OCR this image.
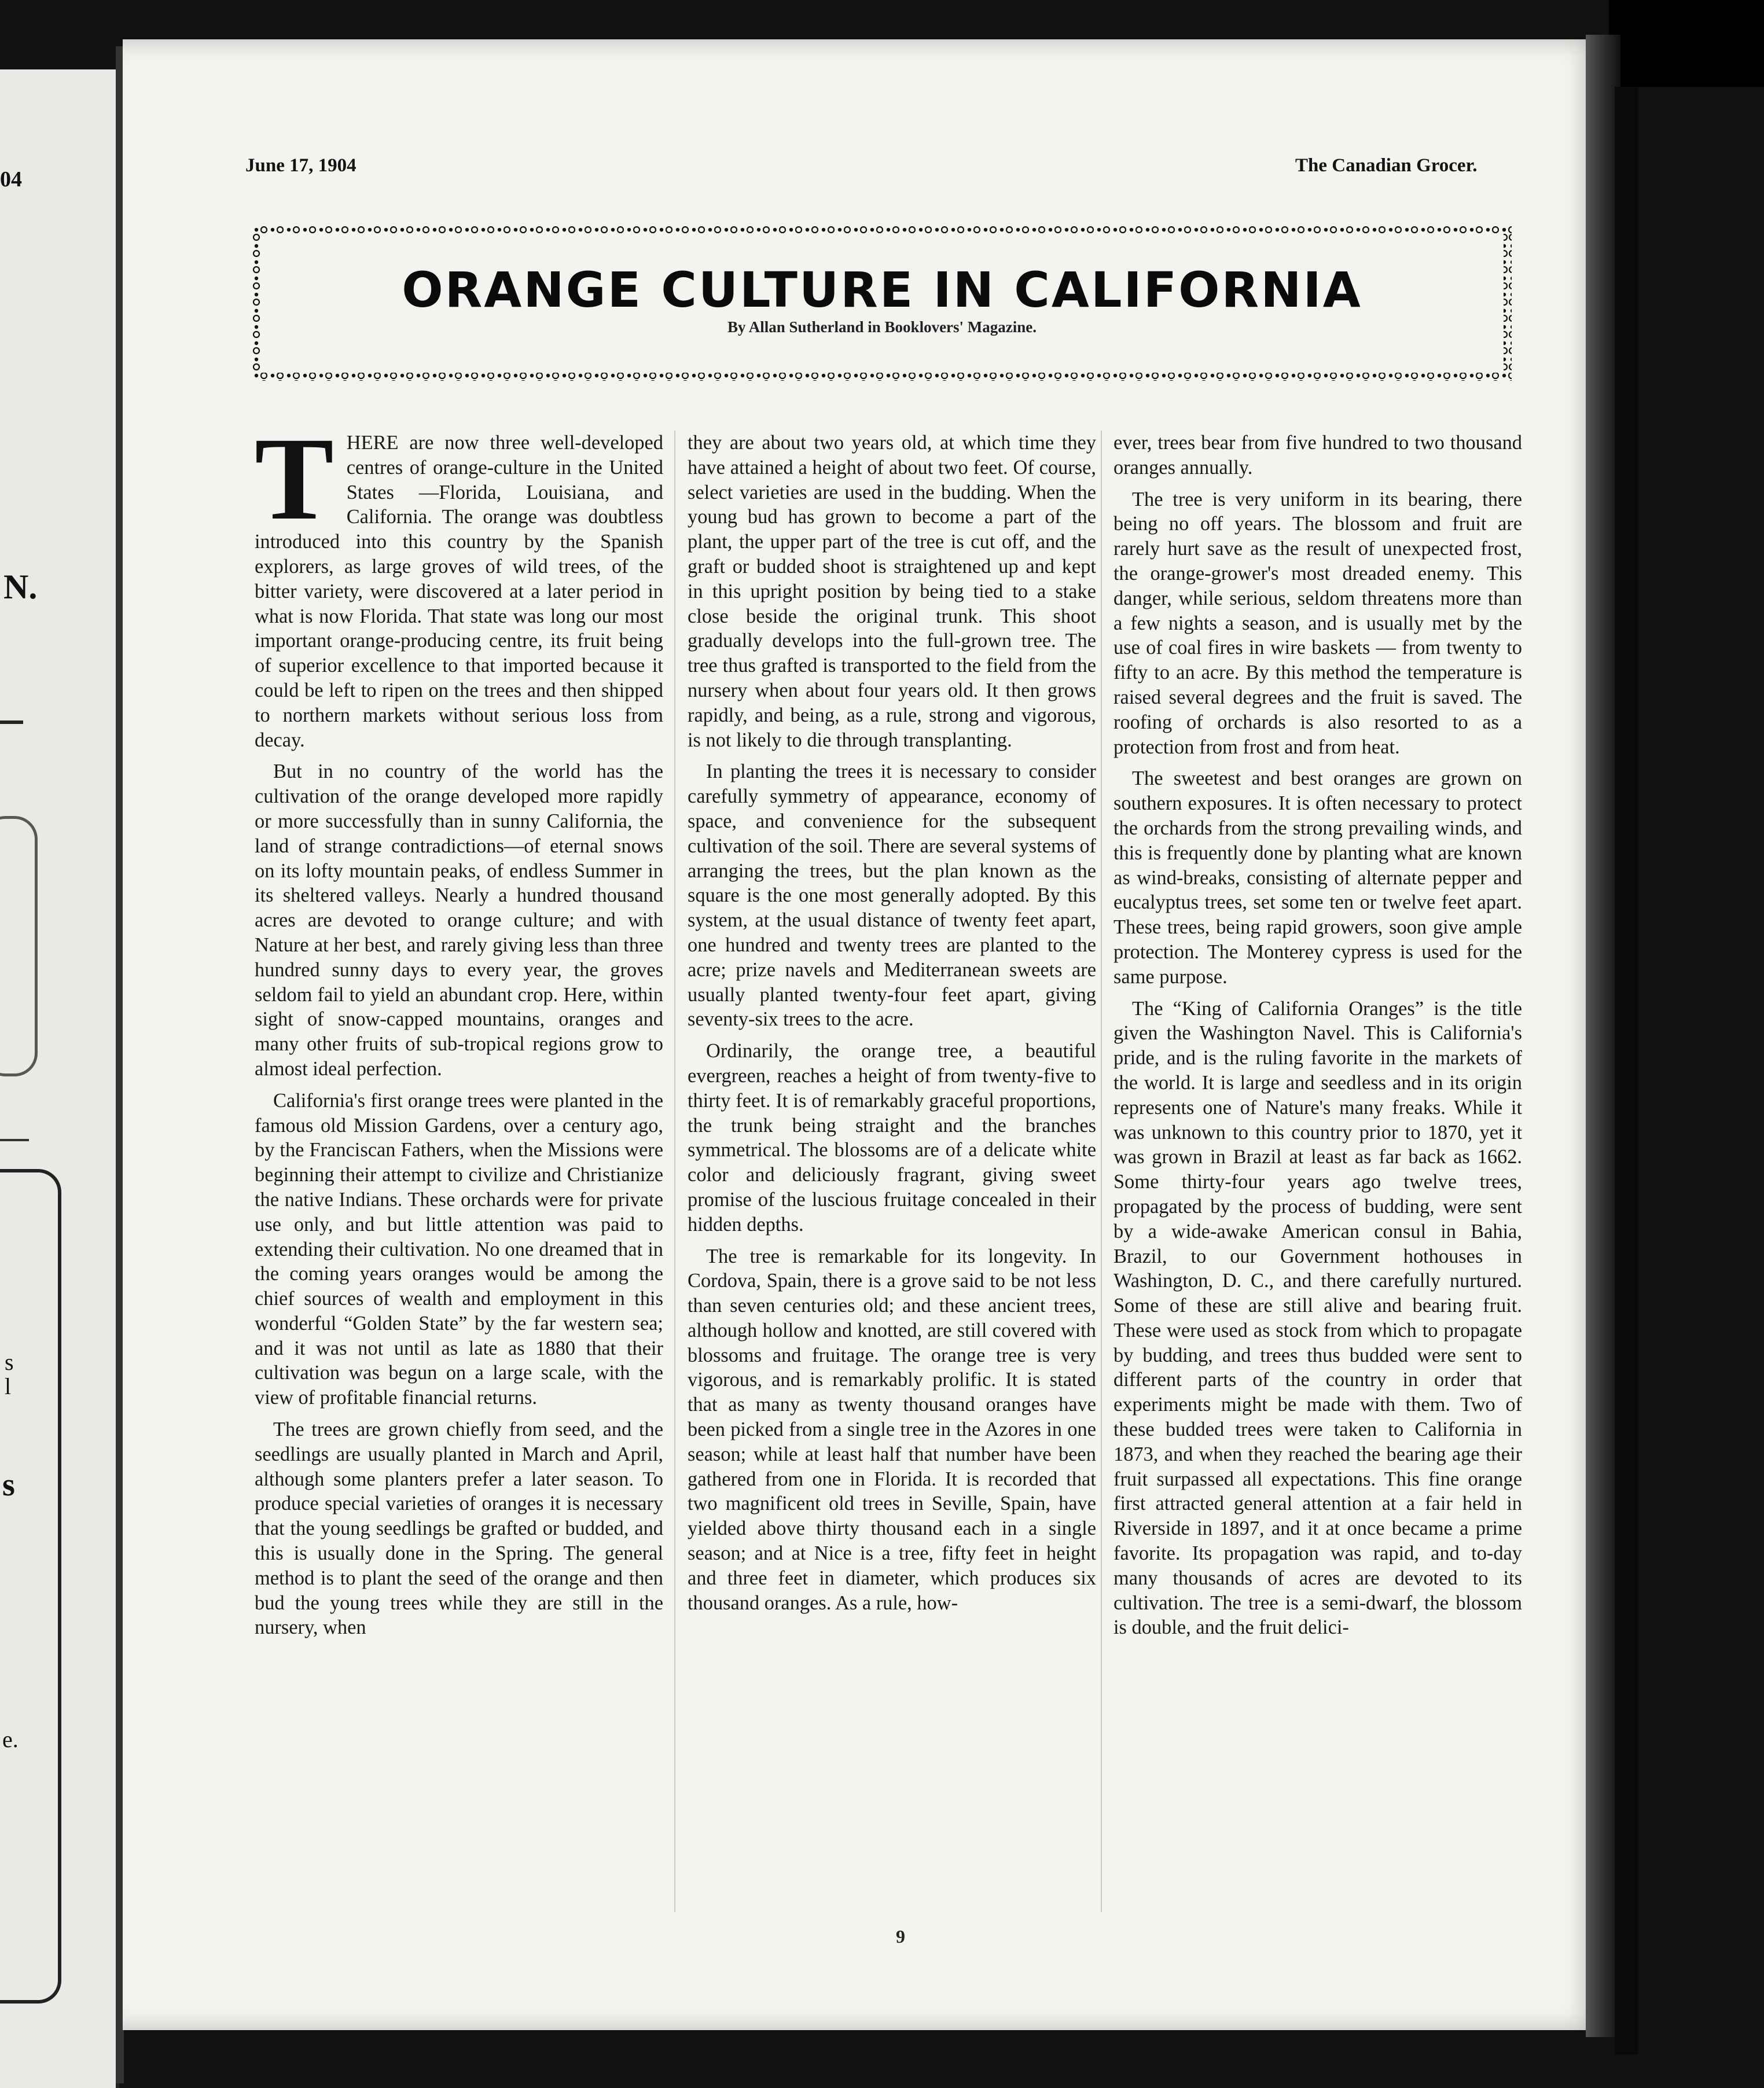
04
N.
s
l
s
e.
June 17, 1904	The Canadian Grocer.
ORANGE CULTURE IN CALIFORNIA
By Allan Sutherland in Booklovers' Magazine.

THERE are now three well-developed centres of orange-culture in the United States —Florida, Louisiana, and California. The orange was doubtless introduced into this country by the Spanish explorers, as large groves of wild trees, of the bitter variety, were discovered at a later period in what is now Florida. That state was long our most important orange-producing centre, its fruit being of superior excellence to that imported because it could be left to ripen on the trees and then shipped to northern markets without serious loss from decay.

But in no country of the world has the cultivation of the orange developed more rapidly or more successfully than in sunny California, the land of strange contradictions—of eternal snows on its lofty mountain peaks, of endless Summer in its sheltered valleys. Nearly a hundred thousand acres are devoted to orange culture; and with Nature at her best, and rarely giving less than three hundred sunny days to every year, the groves seldom fail to yield an abundant crop. Here, within sight of snow-capped mountains, oranges and many other fruits of sub-tropical regions grow to almost ideal perfection.

California's first orange trees were planted in the famous old Mission Gardens, over a century ago, by the Franciscan Fathers, when the Missions were beginning their attempt to civilize and Christianize the native Indians. These orchards were for private use only, and but little attention was paid to extending their cultivation. No one dreamed that in the coming years oranges would be among the chief sources of wealth and employment in this wonderful “Golden State” by the far western sea; and it was not until as late as 1880 that their cultivation was begun on a large scale, with the view of profitable financial returns.

The trees are grown chiefly from seed, and the seedlings are usually planted in March and April, although some planters prefer a later season. To produce special varieties of oranges it is necessary that the young seedlings be grafted or budded, and this is usually done in the Spring. The general method is to plant the seed of the orange and then bud the young trees while they are still in the nursery, when

they are about two years old, at which time they have attained a height of about two feet. Of course, select varieties are used in the budding. When the young bud has grown to become a part of the plant, the upper part of the tree is cut off, and the graft or budded shoot is straightened up and kept in this upright position by being tied to a stake close beside the original trunk. This shoot gradually develops into the full-grown tree. The tree thus grafted is transported to the field from the nursery when about four years old. It then grows rapidly, and being, as a rule, strong and vigorous, is not likely to die through transplanting.

In planting the trees it is necessary to consider carefully symmetry of appearance, economy of space, and convenience for the subsequent cultivation of the soil. There are several systems of arranging the trees, but the plan known as the square is the one most generally adopted. By this system, at the usual distance of twenty feet apart, one hundred and twenty trees are planted to the acre; prize navels and Mediterranean sweets are usually planted twenty-four feet apart, giving seventy-six trees to the acre.

Ordinarily, the orange tree, a beautiful evergreen, reaches a height of from twenty-five to thirty feet. It is of remarkably graceful proportions, the trunk being straight and the branches symmetrical. The blossoms are of a delicate white color and deliciously fragrant, giving sweet promise of the luscious fruitage concealed in their hidden depths.

The tree is remarkable for its longevity. In Cordova, Spain, there is a grove said to be not less than seven centuries old; and these ancient trees, although hollow and knotted, are still covered with blossoms and fruitage. The orange tree is very vigorous, and is remarkably prolific. It is stated that as many as twenty thousand oranges have been picked from a single tree in the Azores in one season; while at least half that number have been gathered from one in Florida. It is recorded that two magnificent old trees in Seville, Spain, have yielded above thirty thousand each in a single season; and at Nice is a tree, fifty feet in height and three feet in diameter, which produces six thousand oranges. As a rule, how-

ever, trees bear from five hundred to two thousand oranges annually.

The tree is very uniform in its bearing, there being no off years. The blossom and fruit are rarely hurt save as the result of unexpected frost, the orange-grower's most dreaded enemy. This danger, while serious, seldom threatens more than a few nights a season, and is usually met by the use of coal fires in wire baskets — from twenty to fifty to an acre. By this method the temperature is raised several degrees and the fruit is saved. The roofing of orchards is also resorted to as a protection from frost and from heat.

The sweetest and best oranges are grown on southern exposures. It is often necessary to protect the orchards from the strong prevailing winds, and this is frequently done by planting what are known as wind-breaks, consisting of alternate pepper and eucalyptus trees, set some ten or twelve feet apart. These trees, being rapid growers, soon give ample protection. The Monterey cypress is used for the same purpose.

The “King of California Oranges” is the title given the Washington Navel. This is California's pride, and is the ruling favorite in the markets of the world. It is large and seedless and in its origin represents one of Nature's many freaks. While it was unknown to this country prior to 1870, yet it was grown in Brazil at least as far back as 1662. Some thirty-four years ago twelve trees, propagated by the process of budding, were sent by a wide-awake American consul in Bahia, Brazil, to our Government hothouses in Washington, D. C., and there carefully nurtured. Some of these are still alive and bearing fruit. These were used as stock from which to propagate by budding, and trees thus budded were sent to different parts of the country in order that experiments might be made with them. Two of these budded trees were taken to California in 1873, and when they reached the bearing age their fruit surpassed all expectations. This fine orange first attracted general attention at a fair held in Riverside in 1897, and it at once became a prime favorite. Its propagation was rapid, and to-day many thousands of acres are devoted to its cultivation. The tree is a semi-dwarf, the blossom is double, and the fruit delici-

9
